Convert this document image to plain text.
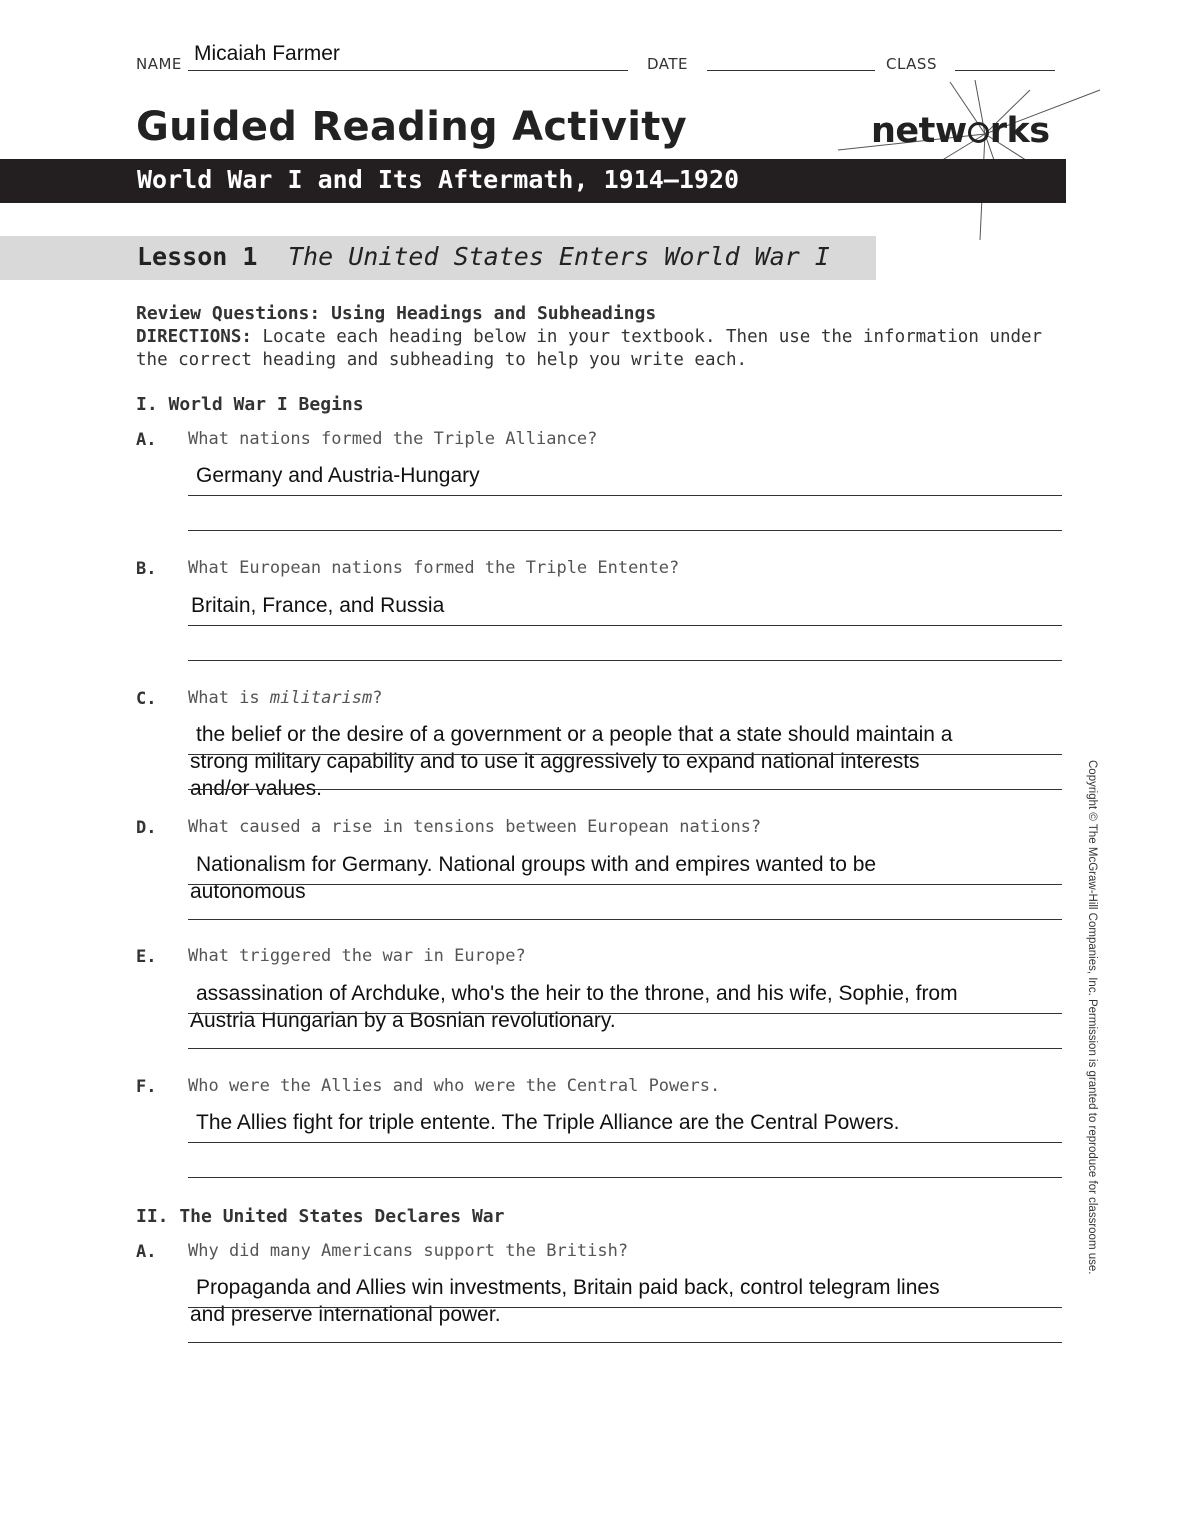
NAME Micaiah Farmer	DATE	CLASS
Guided Reading Activity	netw rks
World War I and Its Aftermath, 1914–1920
Lesson 1 The United States Enters World War I
Review Questions: Using Headings and Subheadings
DIRECTIONS: Locate each heading below in your textbook. Then use the information under
the correct heading and subheading to help you write each.
I. World War I Begins
A. What nations formed the Triple Alliance?
Germany and Austria-Hungary
B. What European nations formed the Triple Entente?
Britain, France, and Russia
C. What is militarism?
the belief or the desire of a government or a people that a state should maintain a
strong military capability and to use it aggressively to expand national interests
and/or values.
D. What caused a rise in tensions between European nations?
Nationalism for Germany. National groups with and empires wanted to be
autonomous
E. What triggered the war in Europe?
assassination of Archduke, who's the heir to the throne, and his wife, Sophie, from
Austria Hungarian by a Bosnian revolutionary.
F. Who were the Allies and who were the Central Powers.
The Allies fight for triple entente. The Triple Alliance are the Central Powers.
II. The United States Declares War
A. Why did many Americans support the British?
Propaganda and Allies win investments, Britain paid back, control telegram lines
and preserve international power.
Copyright © The McGraw-Hill Companies, Inc. Permission is granted to reproduce for classroom use.
